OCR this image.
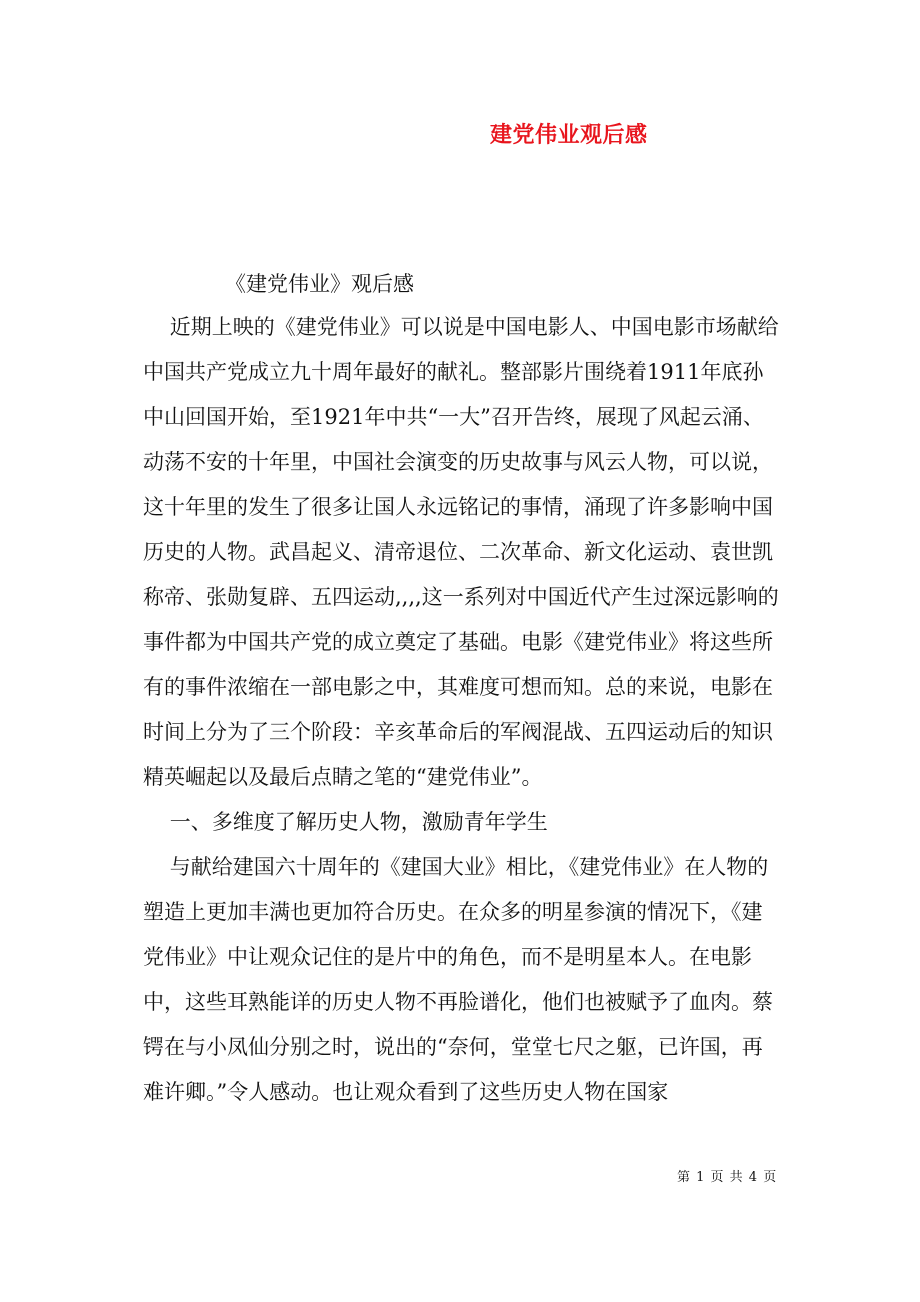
建党伟业观后感
《建党伟业》观后感

近期上映的《建党伟业》可以说是中国电影人、中国电影市场献给中国共产党成立九十周年最好的献礼。整部影片围绕着1911年底孙中山回国开始，至1921年中共“一大”召开告终，展现了风起云涌、动荡不安的十年里，中国社会演变的历史故事与风云人物，可以说，这十年里的发生了很多让国人永远铭记的事情，涌现了许多影响中国历史的人物。武昌起义、清帝退位、二次革命、新文化运动、袁世凯称帝、张勋复辟、五四运动,,,,这一系列对中国近代产生过深远影响的事件都为中国共产党的成立奠定了基础。电影《建党伟业》将这些所有的事件浓缩在一部电影之中，其难度可想而知。总的来说，电影在时间上分为了三个阶段：辛亥革命后的军阀混战、五四运动后的知识精英崛起以及最后点睛之笔的“建党伟业”。

一、多维度了解历史人物，激励青年学生

与献给建国六十周年的《建国大业》相比，《建党伟业》在人物的塑造上更加丰满也更加符合历史。在众多的明星参演的情况下，《建党伟业》中让观众记住的是片中的角色，而不是明星本人。在电影中，这些耳熟能详的历史人物不再脸谱化，他们也被赋予了血肉。蔡锷在与小凤仙分别之时，说出的“奈何，堂堂七尺之躯，已许国，再难许卿。”令人感动。也让观众看到了这些历史人物在国家

第 1 页 共 4 页
